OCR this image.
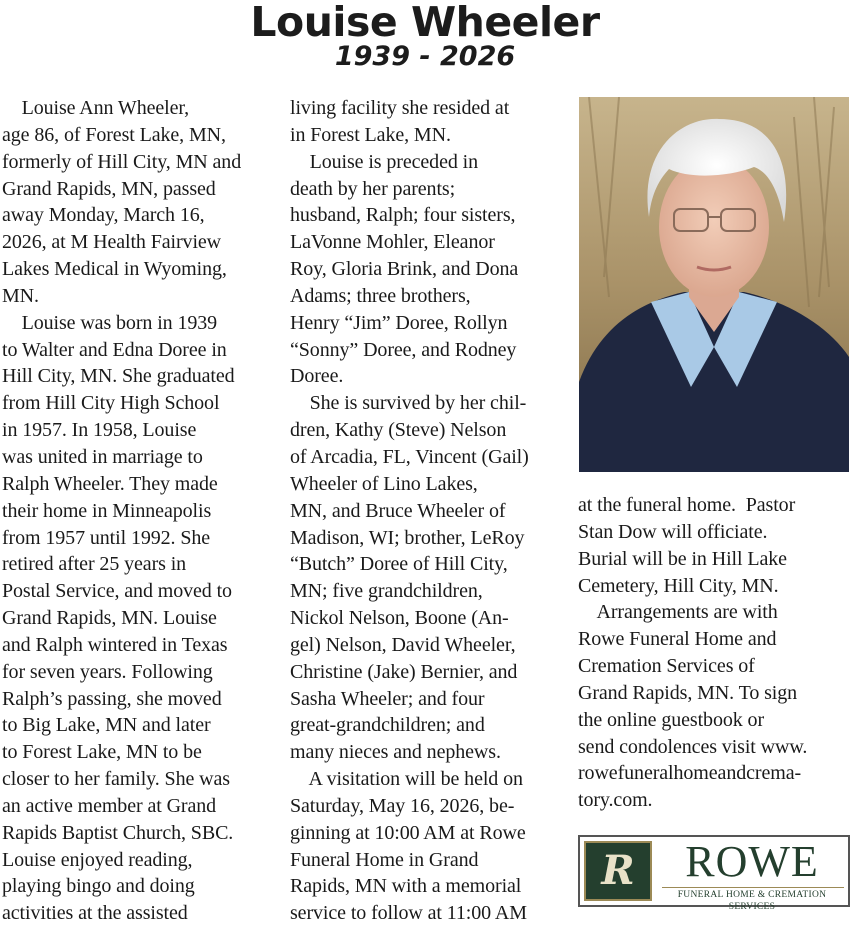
Louise Wheeler
1939 - 2026
Louise Ann Wheeler,
age 86, of Forest Lake, MN,
formerly of Hill City, MN and
Grand Rapids, MN, passed
away Monday, March 16,
2026, at M Health Fairview
Lakes Medical in Wyoming,
MN.
Louise was born in 1939
to Walter and Edna Doree in
Hill City, MN. She graduated
from Hill City High School
in 1957. In 1958, Louise
was united in marriage to
Ralph Wheeler. They made
their home in Minneapolis
from 1957 until 1992. She
retired after 25 years in
Postal Service, and moved to
Grand Rapids, MN. Louise
and Ralph wintered in Texas
for seven years. Following
Ralph’s passing, she moved
to Big Lake, MN and later
to Forest Lake, MN to be
closer to her family. She was
an active member at Grand
Rapids Baptist Church, SBC.
Louise enjoyed reading,
playing bingo and doing
activities at the assisted
living facility she resided at
in Forest Lake, MN.
Louise is preceded in
death by her parents;
husband, Ralph; four sisters,
LaVonne Mohler, Eleanor
Roy, Gloria Brink, and Dona
Adams; three brothers,
Henry “Jim” Doree, Rollyn
“Sonny” Doree, and Rodney
Doree.
She is survived by her chil-
dren, Kathy (Steve) Nelson
of Arcadia, FL, Vincent (Gail)
Wheeler of Lino Lakes,
MN, and Bruce Wheeler of
Madison, WI; brother, LeRoy
“Butch” Doree of Hill City,
MN; five grandchildren,
Nickol Nelson, Boone (An-
gel) Nelson, David Wheeler,
Christine (Jake) Bernier, and
Sasha Wheeler; and four
great-grandchildren; and
many nieces and nephews.
A visitation will be held on
Saturday, May 16, 2026, be-
ginning at 10:00 AM at Rowe
Funeral Home in Grand
Rapids, MN with a memorial
service to follow at 11:00 AM
at the funeral home.  Pastor
Stan Dow will officiate.
Burial will be in Hill Lake
Cemetery, Hill City, MN.
Arrangements are with
Rowe Funeral Home and
Cremation Services of
Grand Rapids, MN. To sign
the online guestbook or
send condolences visit www.
rowefuneralhomeandcrema-
tory.com.
R	ROWE
FUNERAL HOME & CREMATION SERVICES
